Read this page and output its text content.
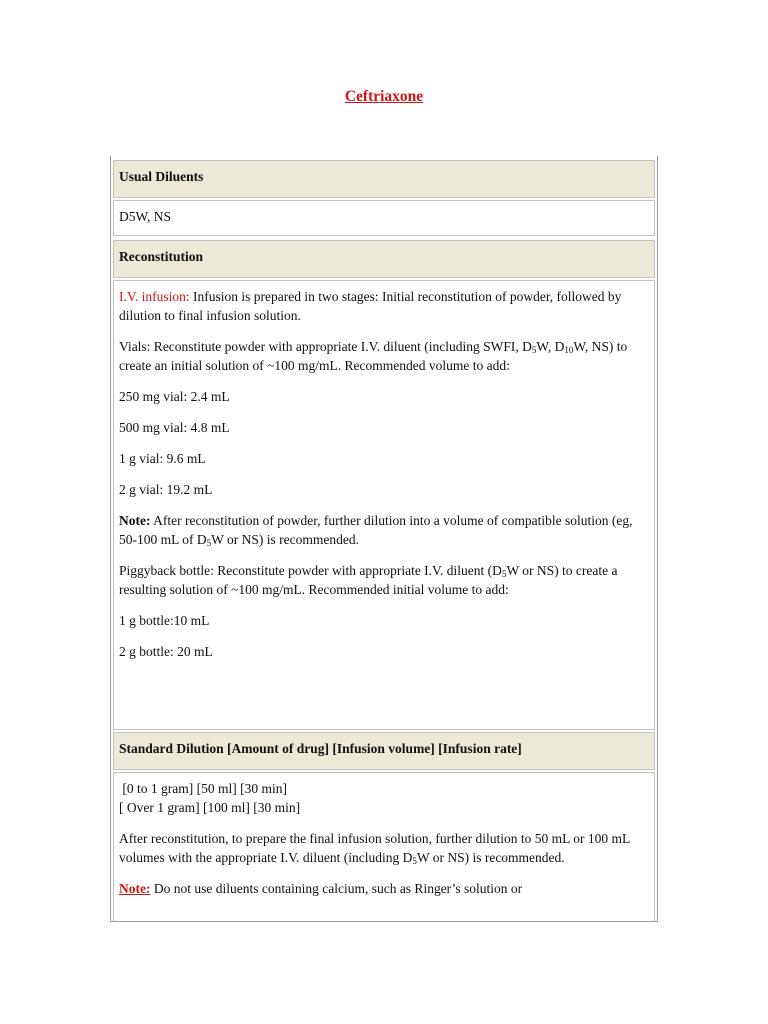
Ceftriaxone
Usual Diluents
D5W, NS
Reconstitution

I.V. infusion: Infusion is prepared in two stages: Initial reconstitution of powder, followed by dilution to final infusion solution.

Vials: Reconstitute powder with appropriate I.V. diluent (including SWFI, $D_5W$, $D_{10}W$, NS) to create an initial solution of ~100 mg/mL. Recommended volume to add:

250 mg vial: 2.4 mL

500 mg vial: 4.8 mL

1 g vial: 9.6 mL

2 g vial: 19.2 mL

Note: After reconstitution of powder, further dilution into a volume of compatible solution (eg, 50-100 mL of $D_5W$ or NS) is recommended.

Piggyback bottle: Reconstitute powder with appropriate I.V. diluent ($D_5W$ or NS) to create a resulting solution of ~100 mg/mL. Recommended initial volume to add:

1 g bottle:10 mL

2 g bottle: 20 mL

Standard Dilution [Amount of drug] [Infusion volume] [Infusion rate]

[0 to 1 gram] [50 ml] [30 min]

[ Over 1 gram] [100 ml] [30 min]

After reconstitution, to prepare the final infusion solution, further dilution to 50 mL or 100 mL volumes with the appropriate I.V. diluent (including $D_5W$ or NS) is recommended.

Note: Do not use diluents containing calcium, such as Ringer’s solution or
